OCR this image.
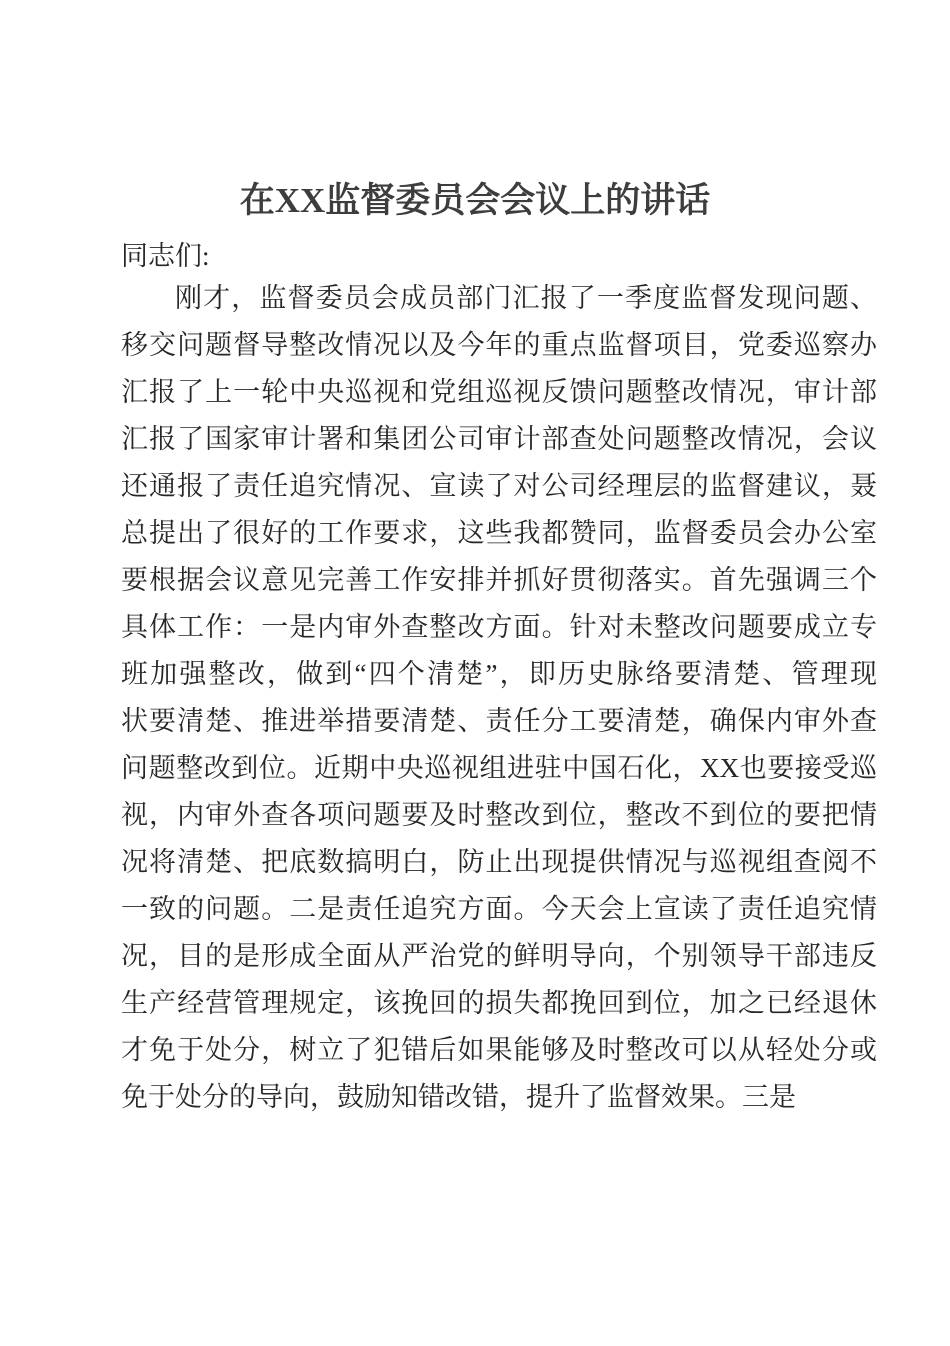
在XX监督委员会会议上的讲话
同志们:
刚才，监督委员会成员部门汇报了一季度监督发现问题、
移交问题督导整改情况以及今年的重点监督项目，党委巡察办
汇报了上一轮中央巡视和党组巡视反馈问题整改情况，审计部
汇报了国家审计署和集团公司审计部查处问题整改情况，会议
还通报了责任追究情况、宣读了对公司经理层的监督建议，聂
总提出了很好的工作要求，这些我都赞同，监督委员会办公室
要根据会议意见完善工作安排并抓好贯彻落实。首先强调三个
具体工作：一是内审外查整改方面。针对未整改问题要成立专
班加强整改，做到“四个清楚”，即历史脉络要清楚、管理现
状要清楚、推进举措要清楚、责任分工要清楚，确保内审外查
问题整改到位。近期中央巡视组进驻中国石化，XX也要接受巡
视，内审外查各项问题要及时整改到位，整改不到位的要把情
况将清楚、把底数搞明白，防止出现提供情况与巡视组查阅不
一致的问题。二是责任追究方面。今天会上宣读了责任追究情
况，目的是形成全面从严治党的鲜明导向，个别领导干部违反
生产经营管理规定，该挽回的损失都挽回到位，加之已经退休
才免于处分，树立了犯错后如果能够及时整改可以从轻处分或
免于处分的导向，鼓励知错改错，提升了监督效果。三是
